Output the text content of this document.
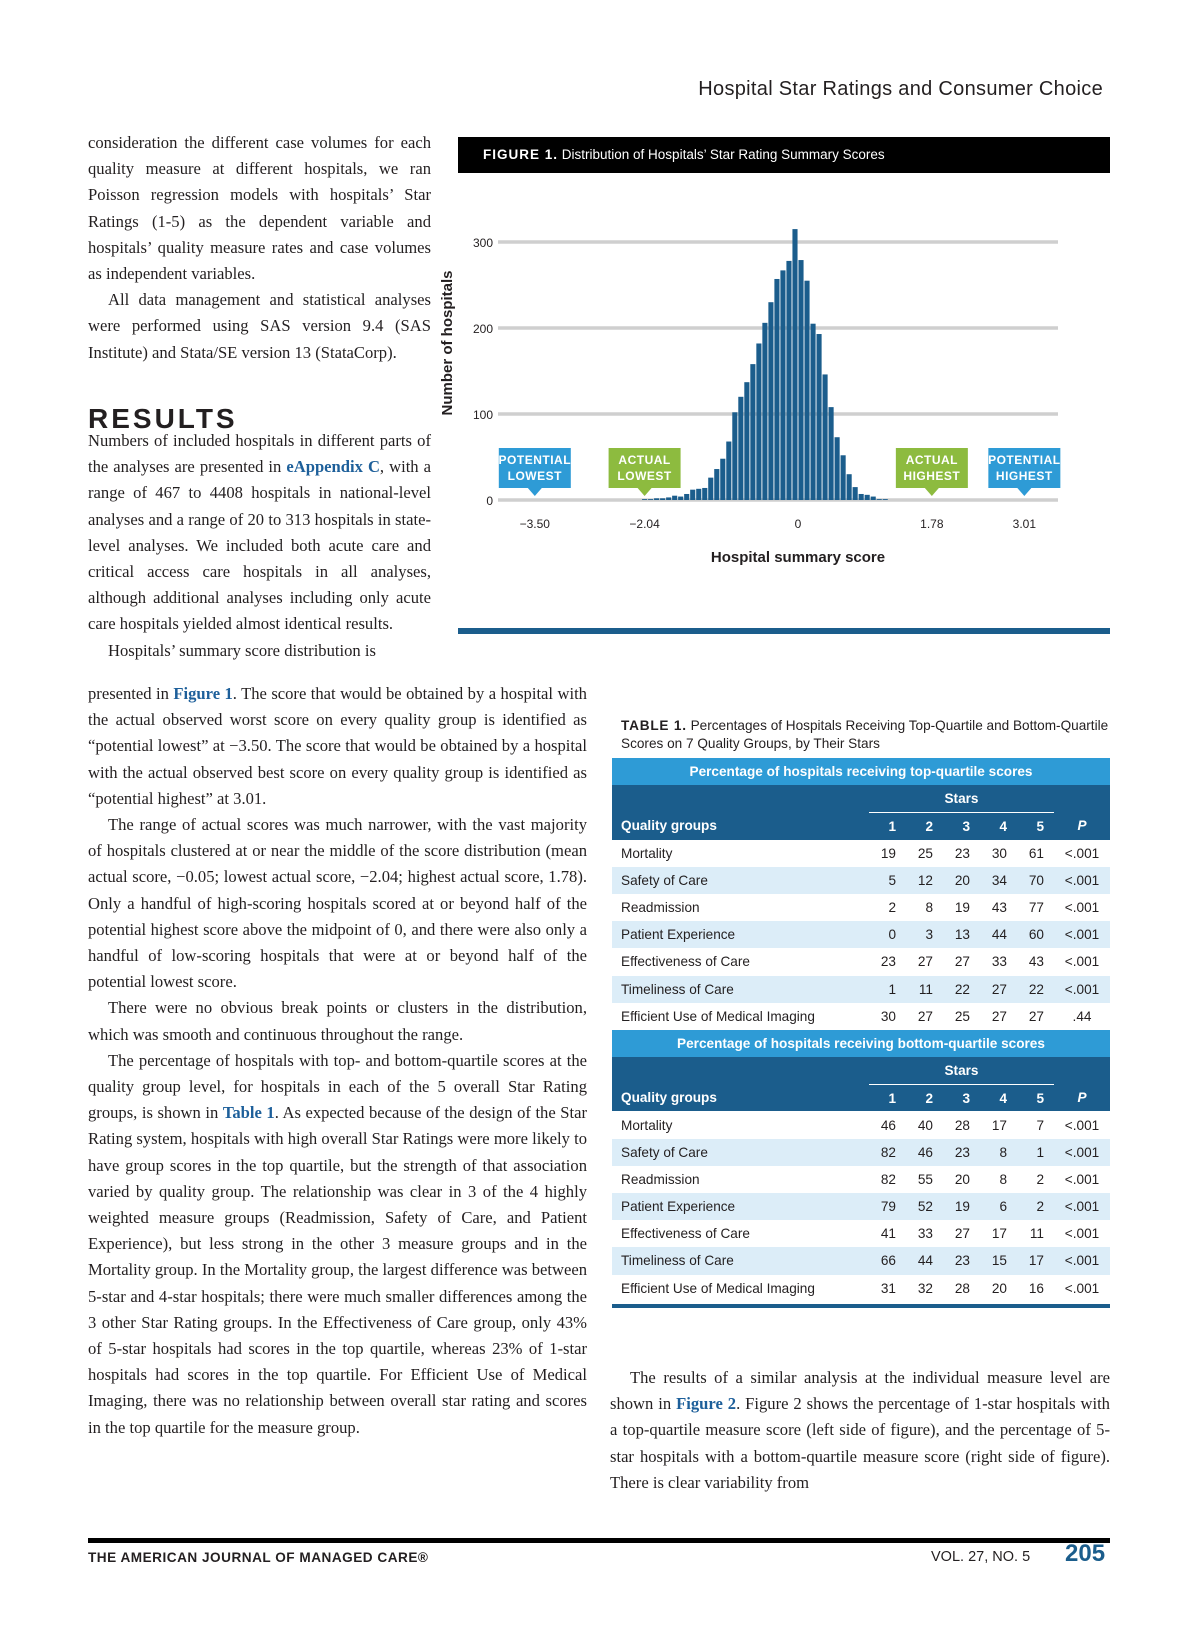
Hospital Star Ratings and Consumer Choice

consideration the different case volumes for each quality measure at different hospitals, we ran Poisson regression models with hospitals’ Star Ratings (1-5) as the dependent variable and hospitals’ quality measure rates and case volumes as independent variables.

All data management and statistical analyses were performed using SAS version 9.4 (SAS Institute) and Stata/SE version 13 (StataCorp).

RESULTS

Numbers of included hospitals in different parts of the analyses are presented in eAppendix C, with a range of 467 to 4408 hospitals in national-level analyses and a range of 20 to 313 hospitals in state-level analyses. We included both acute care and critical access care hospitals in all analyses, although additional analyses including only acute care hospitals yielded almost identical results.

Hospitals’ summary score distribution is

presented in Figure 1. The score that would be obtained by a hospital with the actual observed worst score on every quality group is identified as “potential lowest” at −3.50. The score that would be obtained by a hospital with the actual observed best score on every quality group is identified as “potential highest” at 3.01.

The range of actual scores was much narrower, with the vast majority of hospitals clustered at or near the middle of the score distribution (mean actual score, −0.05; lowest actual score, −2.04; highest actual score, 1.78). Only a handful of high-scoring hospitals scored at or beyond half of the potential highest score above the midpoint of 0, and there were also only a handful of low-scoring hospitals that were at or beyond half of the potential lowest score.

There were no obvious break points or clusters in the distribution, which was smooth and continuous throughout the range.

The percentage of hospitals with top- and bottom-quartile scores at the quality group level, for hospitals in each of the 5 overall Star Rating groups, is shown in Table 1. As expected because of the design of the Star Rating system, hospitals with high overall Star Ratings were more likely to have group scores in the top quartile, but the strength of that association varied by quality group. The relationship was clear in 3 of the 4 highly weighted measure groups (Readmission, Safety of Care, and Patient Experience), but less strong in the other 3 measure groups and in the Mortality group. In the Mortality group, the largest difference was between 5-star and 4-star hospitals; there were much smaller differences among the 3 other Star Rating groups. In the Effectiveness of Care group, only 43% of 5-star hospitals had scores in the top quartile, whereas 23% of 1-star hospitals had scores in the top quartile. For Efficient Use of Medical Imaging, there was no relationship between overall star rating and scores in the top quartile for the measure group.

The results of a similar analysis at the individual measure level are shown in Figure 2. Figure 2 shows the percentage of 1-star hospitals with a top-quartile measure score (left side of figure), and the percentage of 5-star hospitals with a bottom-quartile measure score (right side of figure). There is clear variability from

FIGURE 1. Distribution of Hospitals’ Star Rating Summary Scores
0
100
200
300
Number of hospitals
−3.50
POTENTIAL
LOWEST
−2.04
ACTUAL
LOWEST
0	1.78
ACTUAL
HIGHEST
3.01
POTENTIAL
HIGHEST
Hospital summary score
TABLE 1. Percentages of Hospitals Receiving Top-Quartile and Bottom-Quartile Scores on 7 Quality Groups, by Their Stars
Percentage of hospitals receiving top-quartile scores						
	Stars					
Quality groups	1	2	3	4	5	P
Mortality	19	25	23	30	61	<.001
Safety of Care	5	12	20	34	70	<.001
Readmission	2	8	19	43	77	<.001
Patient Experience	0	3	13	44	60	<.001
Effectiveness of Care	23	27	27	33	43	<.001
Timeliness of Care	1	11	22	27	22	<.001
Efficient Use of Medical Imaging	30	27	25	27	27	.44
Percentage of hospitals receiving bottom-quartile scores						
	Stars					
Quality groups	1	2	3	4	5	P
Mortality	46	40	28	17	7	<.001
Safety of Care	82	46	23	8	1	<.001
Readmission	82	55	20	8	2	<.001
Patient Experience	79	52	19	6	2	<.001
Effectiveness of Care	41	33	27	17	11	<.001
Timeliness of Care	66	44	23	15	17	<.001
Efficient Use of Medical Imaging	31	32	28	20	16	<.001
THE AMERICAN JOURNAL OF MANAGED CARE®	VOL. 27, NO. 5 205
